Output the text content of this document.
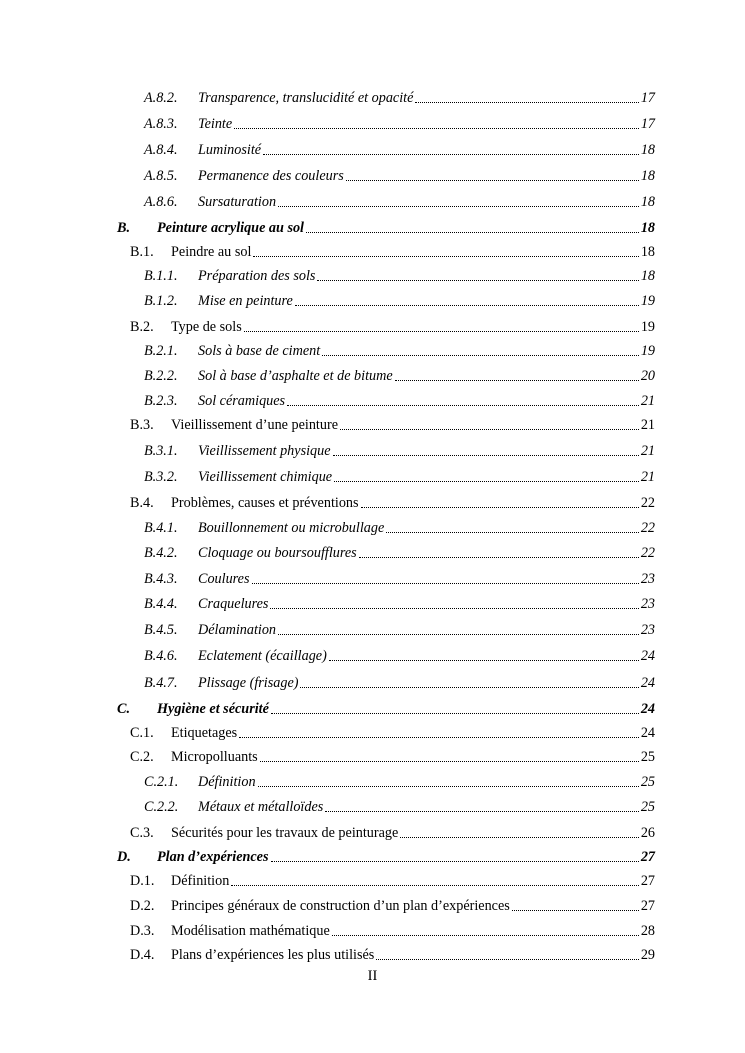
A.8.2.	Transparence, translucidité et opacité	17
A.8.3.	Teinte	17
A.8.4.	Luminosité	18
A.8.5.	Permanence des couleurs	18
A.8.6.	Sursaturation	18
B.	Peinture acrylique au sol	18
B.1.	Peindre au sol	18
B.1.1.	Préparation des sols	18
B.1.2.	Mise en peinture	19
B.2.	Type de sols	19
B.2.1.	Sols à base de ciment	19
B.2.2.	Sol à base d’asphalte et de bitume	20
B.2.3.	Sol céramiques	21
B.3.	Vieillissement d’une peinture	21
B.3.1.	Vieillissement physique	21
B.3.2.	Vieillissement chimique	21
B.4.	Problèmes, causes et préventions	22
B.4.1.	Bouillonnement ou microbullage	22
B.4.2.	Cloquage ou boursoufflures	22
B.4.3.	Coulures	23
B.4.4.	Craquelures	23
B.4.5.	Délamination	23
B.4.6.	Eclatement (écaillage)	24
B.4.7.	Plissage (frisage)	24
C.	Hygiène et sécurité	24
C.1.	Etiquetages	24
C.2.	Micropolluants	25
C.2.1.	Définition	25
C.2.2.	Métaux et métalloïdes	25
C.3.	Sécurités pour les travaux de peinturage	26
D.	Plan d’expériences	27
D.1.	Définition	27
D.2.	Principes généraux de construction d’un plan d’expériences	27
D.3.	Modélisation mathématique	28
D.4.	Plans d’expériences les plus utilisés	29
II
